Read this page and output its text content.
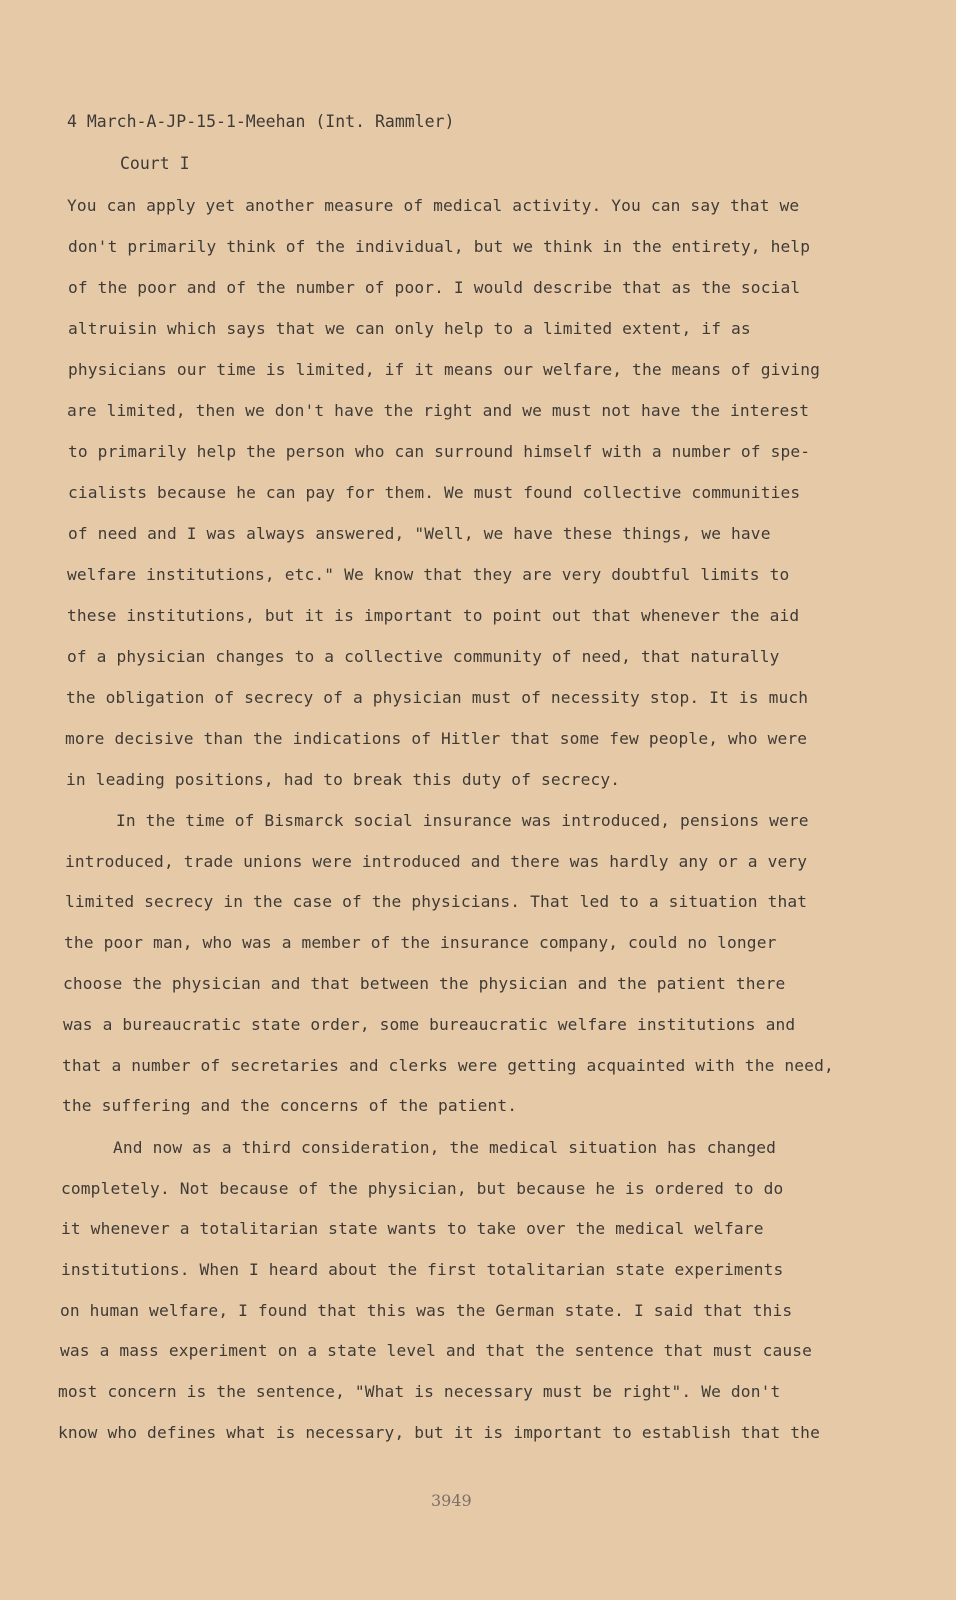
4 March-A-JP-15-1-Meehan (Int. Rammler)
Court I
You can apply yet another measure of medical activity. You can say that we
don't primarily think of the individual, but we think in the entirety, help
of the poor and of the number of poor. I would describe that as the social
altruisin which says that we can only help to a limited extent, if as
physicians our time is limited, if it means our welfare, the means of giving
are limited, then we don't have the right and we must not have the interest
to primarily help the person who can surround himself with a number of spe-
cialists because he can pay for them. We must found collective communities
of need and I was always answered, "Well, we have these things, we have
welfare institutions, etc." We know that they are very doubtful limits to
these institutions, but it is important to point out that whenever the aid
of a physician changes to a collective community of need, that naturally
the obligation of secrecy of a physician must of necessity stop. It is much
more decisive than the indications of Hitler that some few people, who were
in leading positions, had to break this duty of secrecy.
In the time of Bismarck social insurance was introduced, pensions were
introduced, trade unions were introduced and there was hardly any or a very
limited secrecy in the case of the physicians. That led to a situation that
the poor man, who was a member of the insurance company, could no longer
choose the physician and that between the physician and the patient there
was a bureaucratic state order, some bureaucratic welfare institutions and
that a number of secretaries and clerks were getting acquainted with the need,
the suffering and the concerns of the patient.
And now as a third consideration, the medical situation has changed
completely. Not because of the physician, but because he is ordered to do
it whenever a totalitarian state wants to take over the medical welfare
institutions. When I heard about the first totalitarian state experiments
on human welfare, I found that this was the German state. I said that this
was a mass experiment on a state level and that the sentence that must cause
most concern is the sentence, "What is necessary must be right". We don't
know who defines what is necessary, but it is important to establish that the
3949
